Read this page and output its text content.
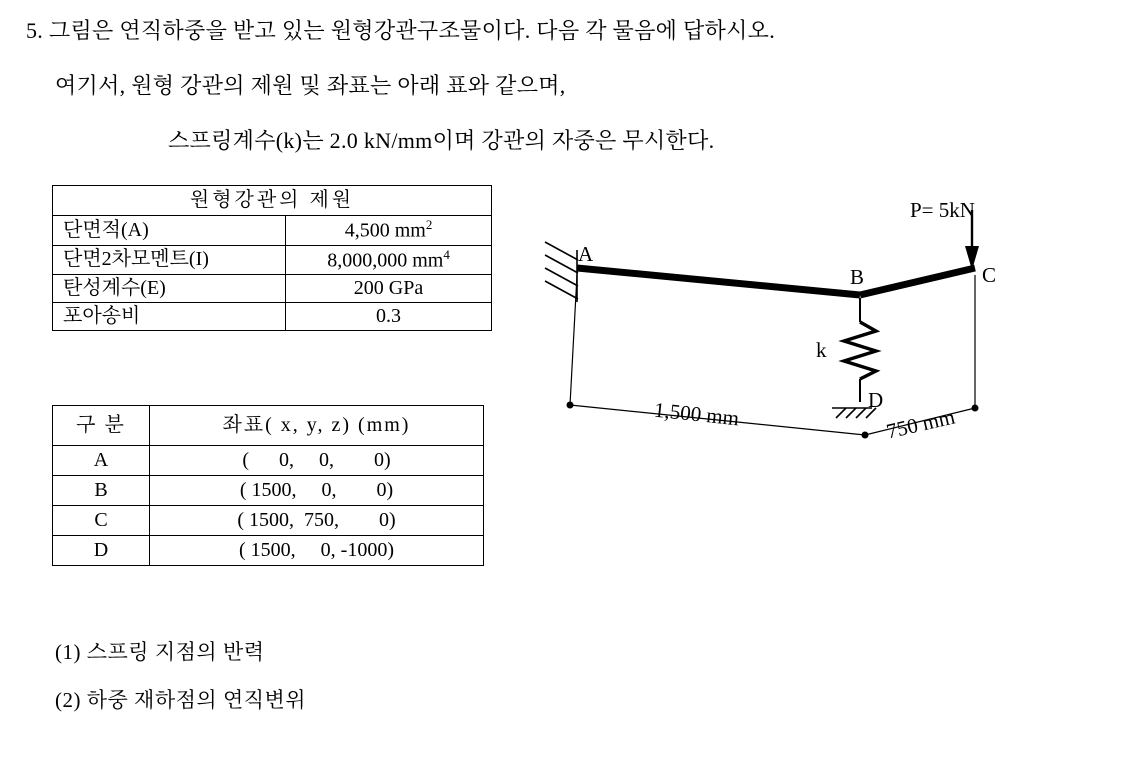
5. 그림은 연직하중을 받고 있는 원형강관구조물이다. 다음 각 물음에 답하시오.
여기서, 원형 강관의 제원 및 좌표는 아래 표와 같으며,
스프링계수(k)는 2.0 kN/mm이며 강관의 자중은 무시한다.
원형강관의 제원	
단면적(A)	4,500 $mm^2$
단면2차모멘트(I)	8,000,000 $mm^4$
탄성계수(E)	200 GPa
포아송비	0.3
구 분	좌표( x, y, z) (mm)
A	(      0,     0,        0)
B	( 1500,     0,        0)
C	( 1500,  750,        0)
D	( 1500,     0, -1000)
(1) 스프링 지점의 반력
(2) 하중 재하점의 연직변위
P= 5kN
A
B	C
k
D
1,500 mm	750 mm
